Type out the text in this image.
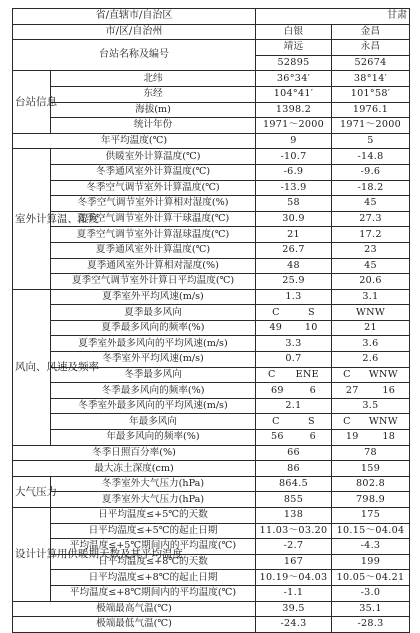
省/直辖市/自治区		甘肃	
市/区/自治州		白银	金昌
台站名称及编号		靖远	永昌
		52895	52674
台站信息	北纬	36°34′	38°14′
	东经	104°41′	101°58′
	海拔(m)	1398.2	1976.1
	统计年份	1971～2000	1971～2000
年平均温度(℃)		9	5
室外计算温、湿度	供暖室外计算温度(℃)	-10.7	-14.8
	冬季通风室外计算温度(℃)	-6.9	-9.6
	冬季空气调节室外计算温度(℃)	-13.9	-18.2
	冬季空气调节室外计算相对湿度(%)	58	45
	夏季空气调节室外计算干球温度(℃)	30.9	27.3
	夏季空气调节室外计算湿球温度(℃)	21	17.2
	夏季通风室外计算温度(℃)	26.7	23
	夏季通风室外计算相对湿度(%)	48	45
	夏季空气调节室外计算日平均温度(℃)	25.9	20.6
风向、风速及频率	夏季室外平均风速(m/s)	1.3	3.1
	夏季最多风向	C S	WNW
	夏季最多风向的频率(%)	49 10	21
	夏季室外最多风向的平均风速(m/s)	3.3	3.6
	冬季室外平均风速(m/s)	0.7	2.6
	冬季最多风向	C ENE	C WNW

	冬季最多风向的频率(%)	69 6	27 16

	冬季室外最多风向的平均风速(m/s)	2.1	3.5
	年最多风向	C S	C WNW

	年最多风向的频率(%)	56 6	19 18

冬季日照百分率(%)		66	78
最大冻土深度(cm)		86	159
大气压力	冬季室外大气压力(hPa)	864.5	802.8
	夏季室外大气压力(hPa)	855	798.9
设计计算用供暖期天数及其平均温度	日平均温度≤+5℃的天数	138	175
	日平均温度≤+5℃的起止日期	11.03～03.20	10.15～04.04
	平均温度≤+5℃期间内的平均温度(℃)	-2.7	-4.3
	日平均温度≤+8℃的天数	167	199
	日平均温度≤+8℃的起止日期	10.19～04.03	10.05～04.21
	平均温度≤+8℃期间内的平均温度(℃)	-1.1	-3.0
极端最高气温(℃)		39.5	35.1
极端最低气温(℃)		-24.3	-28.3
